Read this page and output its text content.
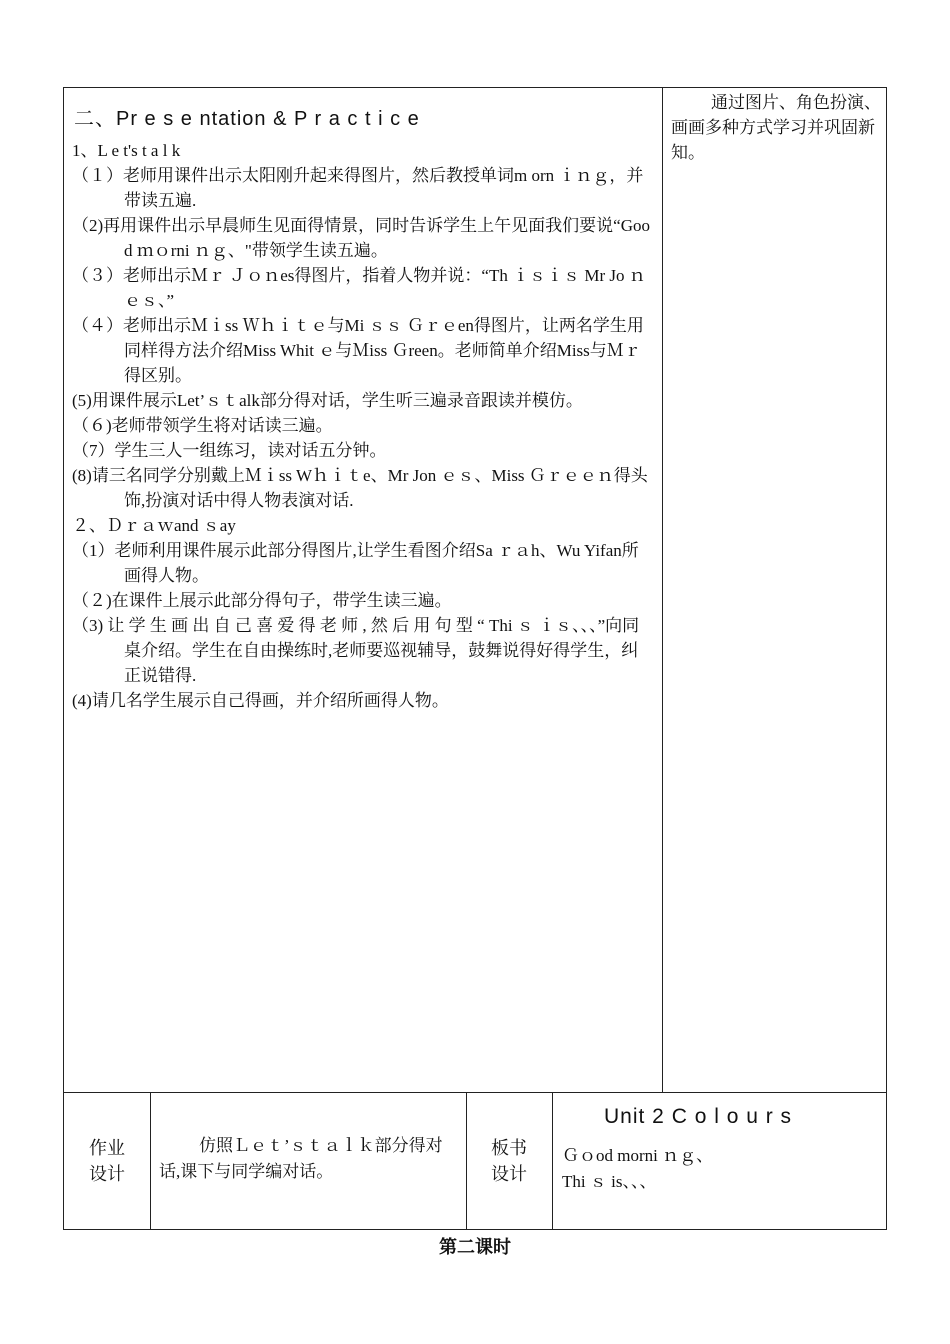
二、Pr e s e ntation & P r a c t i c e
1、L e t's t a l k
（１）老师用课件出示太阳刚升起来得图片，然后教授单词m orn ｉｎｇ，并带读五遍.
（2)再用课件出示早晨师生见面得情景，同时告诉学生上午见面我们要说“Good ｍｏrni ｎｇ、"带领学生读五遍。
（３）老师出示Ｍｒ Ｊｏｎes得图片，指着人物并说：“Th ｉｓｉｓ Mr Jo ｎｅｓ、”
（４）老师出示Ｍｉss Ｗｈｉｔｅ与Mi ｓｓ Ｇｒｅen得图片，让两名学生用同样得方法介绍Miss Whit ｅ与Ｍiss Ｇreen。老师简单介绍Miss与Ｍｒ得区别。
(5)用课件展示Let’ｓｔalk部分得对话，学生听三遍录音跟读并模仿。
（６)老师带领学生将对话读三遍。
（7）学生三人一组练习，读对话五分钟。
(8)请三名同学分别戴上Ｍｉss Wｈｉｔe、Mr Jon ｅｓ、Miss Ｇｒｅｅｎ得头饰,扮演对话中得人物表演对话.
２、Ｄｒａｗand ｓay
（1）老师利用课件展示此部分得图片,让学生看图介绍Sa ｒａh、Wu Yifan所画得人物。
（２)在课件上展示此部分得句子，带学生读三遍。
（3) 让 学 生 画 出 自 己 喜 爱 得 老 师 , 然 后 用 句 型 “ Thi ｓ ｉｓ、、、”向同桌介绍。学生在自由操练时,老师要巡视辅导，鼓舞说得好得学生，纠正说错得.
(4)请几名学生展示自己得画，并介绍所画得人物。
通过图片、角色扮演、画画多种方式学习并巩固新知。
作业
设计
仿照Ｌｅｔ’ｓｔａｌｋ部分得对话,课下与同学编对话。
板书
设计
Unit 2 C o l o u r s
Ｇｏod morni ｎｇ、
Thi ｓ is、、、
第二课时
